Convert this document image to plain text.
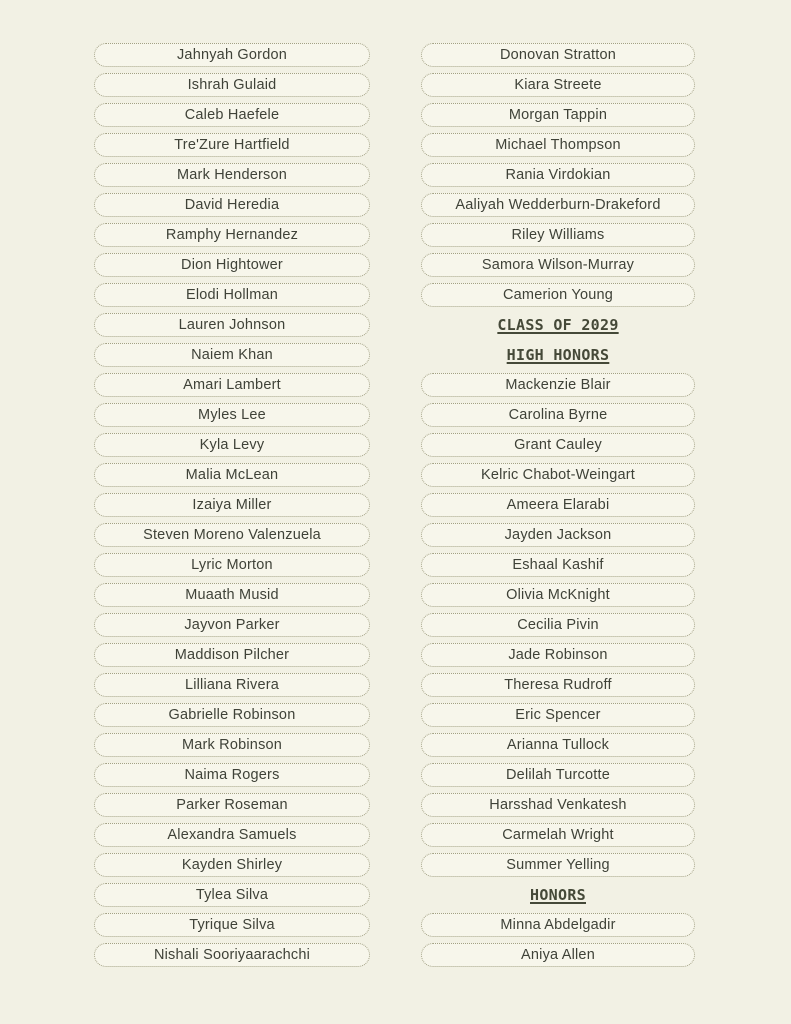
Jahnyah Gordon
Ishrah Gulaid
Caleb Haefele
Tre'Zure Hartfield
Mark Henderson
David Heredia
Ramphy Hernandez
Dion Hightower
Elodi Hollman
Lauren Johnson
Naiem Khan
Amari Lambert
Myles Lee
Kyla Levy
Malia McLean
Izaiya Miller
Steven Moreno Valenzuela
Lyric Morton
Muaath Musid
Jayvon Parker
Maddison Pilcher
Lilliana Rivera
Gabrielle Robinson
Mark Robinson
Naima Rogers
Parker Roseman
Alexandra Samuels
Kayden Shirley
Tylea Silva
Tyrique Silva
Nishali Sooriyaarachchi
Donovan Stratton
Kiara Streete
Morgan Tappin
Michael Thompson
Rania Virdokian
Aaliyah Wedderburn-Drakeford
Riley Williams
Samora Wilson-Murray
Camerion Young
CLASS OF 2029
HIGH HONORS
Mackenzie Blair
Carolina Byrne
Grant Cauley
Kelric Chabot-Weingart
Ameera Elarabi
Jayden Jackson
Eshaal Kashif
Olivia McKnight
Cecilia Pivin
Jade Robinson
Theresa Rudroff
Eric Spencer
Arianna Tullock
Delilah Turcotte
Harsshad Venkatesh
Carmelah Wright
Summer Yelling
HONORS
Minna Abdelgadir
Aniya Allen
